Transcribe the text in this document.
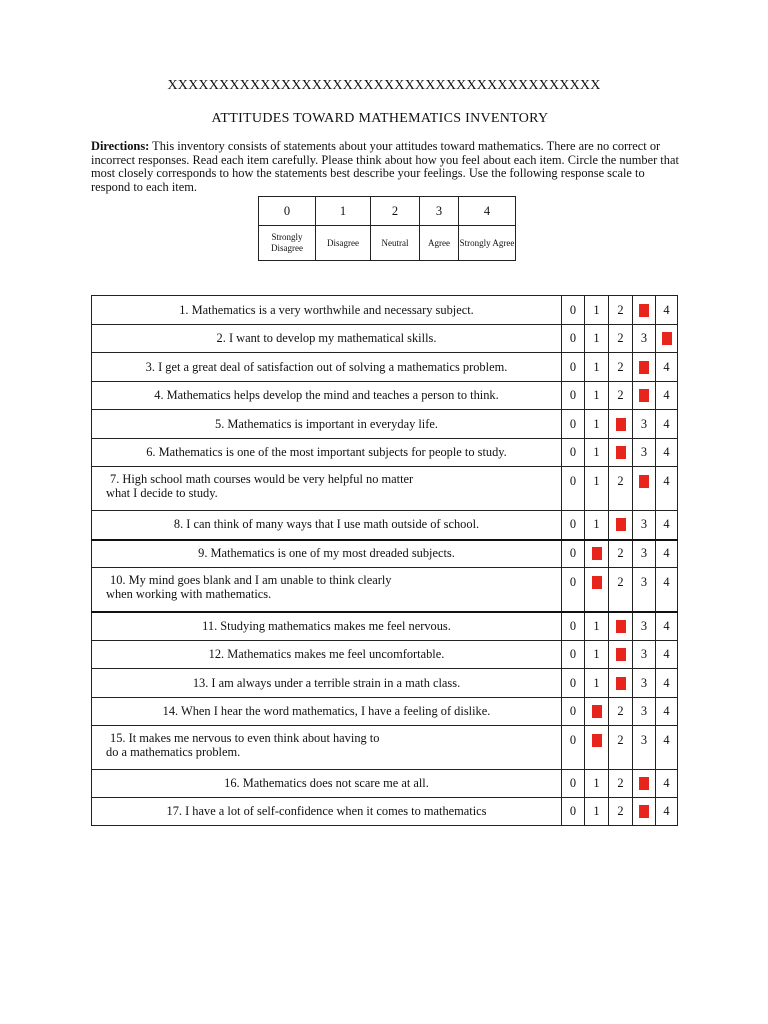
XXXXXXXXXXXXXXXXXXXXXXXXXXXXXXXXXXXXXXXXXX
ATTITUDES TOWARD MATHEMATICS INVENTORY
Directions: This inventory consists of statements about your attitudes toward mathematics. There are no correct or incorrect responses. Read each item carefully. Please think about how you feel about each item. Circle the number that most closely corresponds to how the statements best describe your feelings. Use the following response scale to respond to each item.
0	1	2	3	4
Strongly Disagree	Disagree	Neutral	Agree	Strongly Agree
1. Mathematics is a very worthwhile and necessary subject.	0	1	2	3	4
2. I want to develop my mathematical skills.	0	1	2	3	4
3. I get a great deal of satisfaction out of solving a mathematics problem.	0	1	2	3	4
4. Mathematics helps develop the mind and teaches a person to think.	0	1	2	3	4
5. Mathematics is important in everyday life.	0	1	2	3	4
6. Mathematics is one of the most important subjects for people to study.	0	1	2	3	4

7. High school math courses would be very helpful no matter
what I decide to study.	0	1	2	3	4
8. I can think of many ways that I use math outside of school.	0	1	2	3	4
9. Mathematics is one of my most dreaded subjects.	0	1	2	3	4

10. My mind goes blank and I am unable to think clearly
when working with mathematics.	0	1	2	3	4
11. Studying mathematics makes me feel nervous.	0	1	2	3	4
12. Mathematics makes me feel uncomfortable.	0	1	2	3	4
13. I am always under a terrible strain in a math class.	0	1	2	3	4
14. When I hear the word mathematics, I have a feeling of dislike.	0	1	2	3	4

15. It makes me nervous to even think about having to
do a mathematics problem.	0	1	2	3	4
16. Mathematics does not scare me at all.	0	1	2	3	4
17. I have a lot of self-confidence when it comes to mathematics	0	1	2	3	4
